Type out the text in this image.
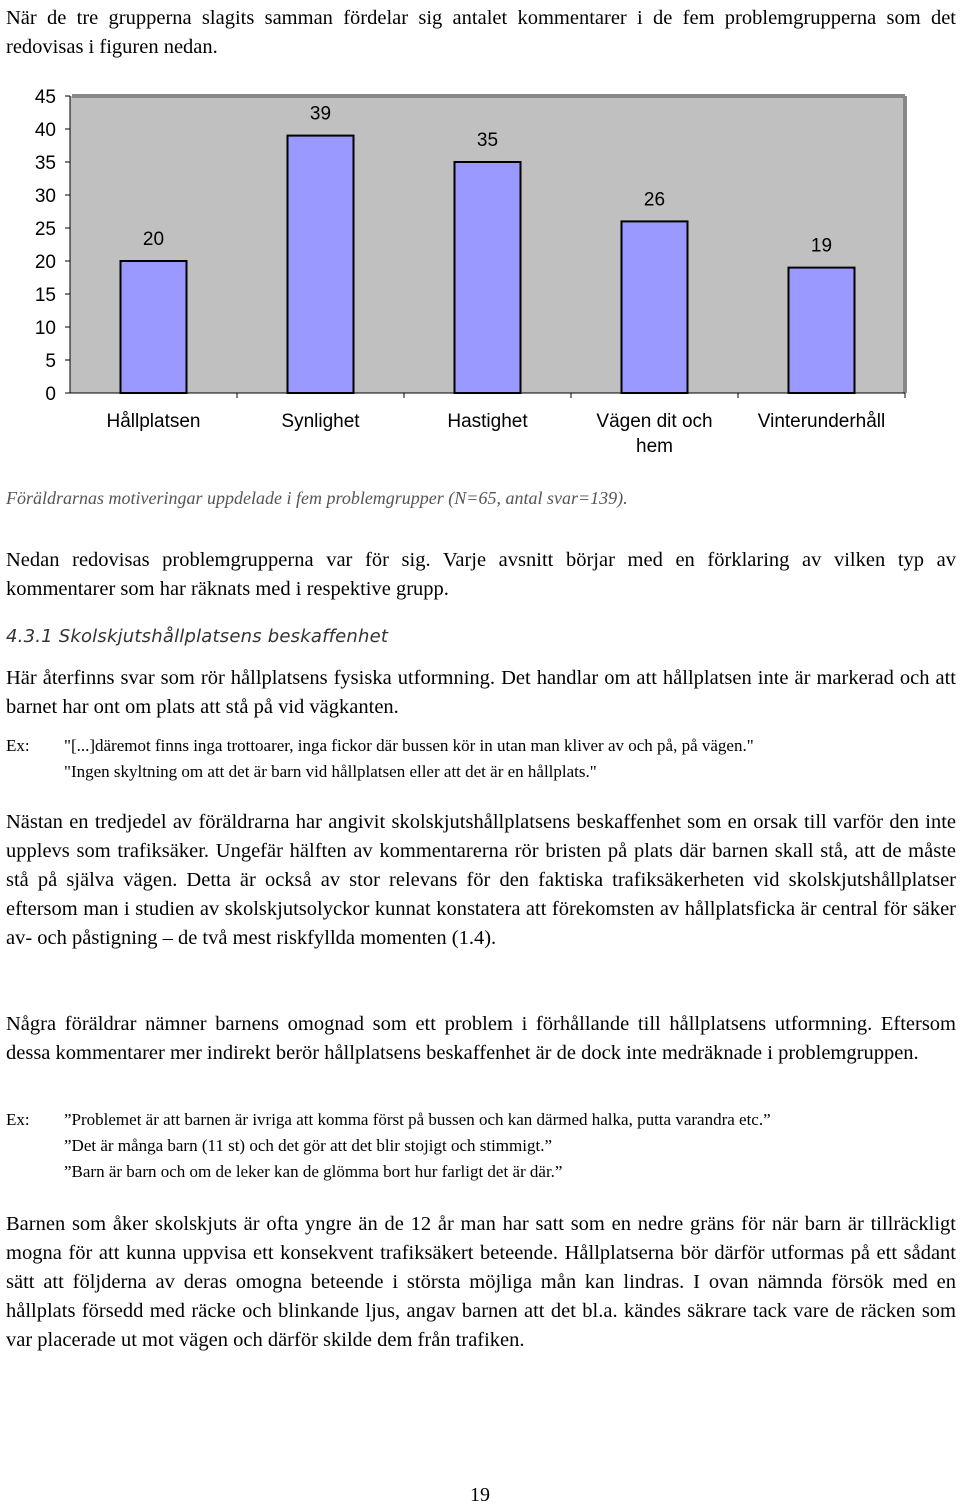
När de tre grupperna slagits samman fördelar sig antalet kommentarer i de fem problemgrupperna som det redovisas i figuren nedan.
0
5
10
15
20
25
30
35
40
45
20
Hållplatsen
39
Synlighet
35
Hastighet
26
Vägen dit och hem
19
Vinterunderhåll
Föräldrarnas motiveringar uppdelade i fem problemgrupper (N=65, antal svar=139).
Nedan redovisas problemgrupperna var för sig. Varje avsnitt börjar med en förklaring av vilken typ av kommentarer som har räknats med i respektive grupp.
4.3.1 Skolskjutshållplatsens beskaffenhet
Här återfinns svar som rör hållplatsens fysiska utformning. Det handlar om att hållplatsen inte är markerad och att barnet har ont om plats att stå på vid vägkanten.
Ex: "[...]däremot finns inga trottoarer, inga fickor där bussen kör in utan man kliver av och på, på vägen."
"Ingen skyltning om att det är barn vid hållplatsen eller att det är en hållplats."
Nästan en tredjedel av föräldrarna har angivit skolskjutshållplatsens beskaffenhet som en orsak till varför den inte upplevs som trafiksäker. Ungefär hälften av kommentarerna rör bristen på plats där barnen skall stå, att de måste stå på själva vägen. Detta är också av stor relevans för den faktiska trafiksäkerheten vid skolskjutshållplatser eftersom man i studien av skolskjutsolyckor kunnat konstatera att förekomsten av hållplatsficka är central för säker av- och påstigning – de två mest riskfyllda momenten (1.4).
Några föräldrar nämner barnens omognad som ett problem i förhållande till hållplatsens utformning. Eftersom dessa kommentarer mer indirekt berör hållplatsens beskaffenhet är de dock inte medräknade i problemgruppen.
Ex: ”Problemet är att barnen är ivriga att komma först på bussen och kan därmed halka, putta varandra etc.”
”Det är många barn (11 st) och det gör att det blir stojigt och stimmigt.”
”Barn är barn och om de leker kan de glömma bort hur farligt det är där.”
Barnen som åker skolskjuts är ofta yngre än de 12 år man har satt som en nedre gräns för när barn är tillräckligt mogna för att kunna uppvisa ett konsekvent trafiksäkert beteende. Hållplatserna bör därför utformas på ett sådant sätt att följderna av deras omogna beteende i största möjliga mån kan lindras. I ovan nämnda försök med en hållplats försedd med räcke och blinkande ljus, angav barnen att det bl.a. kändes säkrare tack vare de räcken som var placerade ut mot vägen och därför skilde dem från trafiken.
19
